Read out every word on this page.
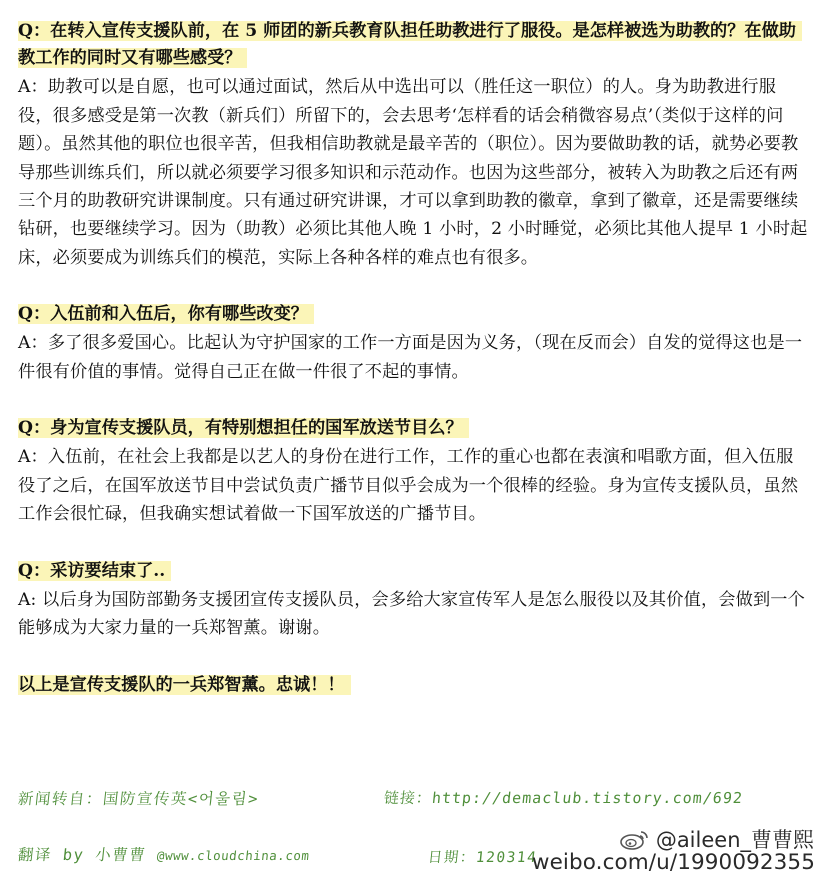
Q：在转入宣传支援队前，在 5 师团的新兵教育队担任助教进行了服役。是怎样被选为助教的？在做助教工作的同时又有哪些感受？
A：助教可以是自愿，也可以通过面试，然后从中选出可以（胜任这一职位）的人。身为助教进行服役，很多感受是第一次教（新兵们）所留下的，会去思考‘怎样看的话会稍微容易点’（类似于这样的问题）。虽然其他的职位也很辛苦，但我相信助教就是最辛苦的（职位）。因为要做助教的话，就势必要教导那些训练兵们，所以就必须要学习很多知识和示范动作。也因为这些部分，被转入为助教之后还有两三个月的助教研究讲课制度。只有通过研究讲课，才可以拿到助教的徽章，拿到了徽章，还是需要继续钻研，也要继续学习。因为（助教）必须比其他人晚 1 小时，2 小时睡觉，必须比其他人提早 1 小时起床，必须要成为训练兵们的模范，实际上各种各样的难点也有很多。
Q：入伍前和入伍后，你有哪些改变？
A：多了很多爱国心。比起认为守护国家的工作一方面是因为义务，（现在反而会）自发的觉得这也是一件很有价值的事情。觉得自己正在做一件很了不起的事情。
Q：身为宣传支援队员，有特别想担任的国军放送节目么？
A：入伍前，在社会上我都是以艺人的身份在进行工作，工作的重心也都在表演和唱歌方面，但入伍服役了之后，在国军放送节目中尝试负责广播节目似乎会成为一个很棒的经验。身为宣传支援队员，虽然工作会很忙碌，但我确实想试着做一下国军放送的广播节目。
Q：采访要结束了..
A: 以后身为国防部勤务支援团宣传支援队员，会多给大家宣传军人是怎么服役以及其价值，会做到一个能够成为大家力量的一兵郑智薰。谢谢。
以上是宣传支援队的一兵郑智薰。忠诚！！
新闻转自：国防宣传英<어울림>	链接：http://demaclub.tistory.com/692
翻译 by 小曹曹 @www.cloudchina.com	日期：120314
@aileen_曹曹熙
weibo.com/u/1990092355
